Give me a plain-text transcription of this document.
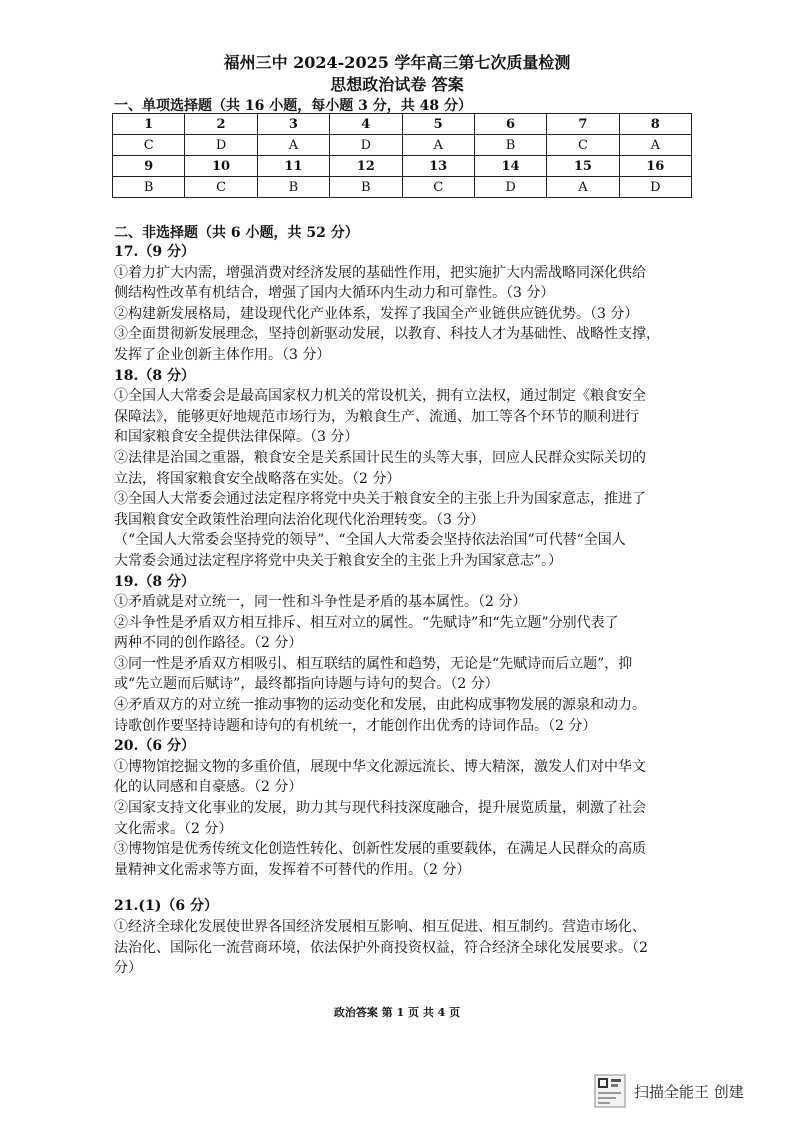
福州三中 2024-2025 学年高三第七次质量检测
思想政治试卷 答案
一、单项选择题（共 16 小题，每小题 3 分，共 48 分）
1	2	3	4	5	6	7	8
C	D	A	D	A	B	C	A
9	10	11	12	13	14	15	16
B	C	B	B	C	D	A	D
二、非选择题（共 6 小题，共 52 分）

17.（9 分）

①着力扩大内需，增强消费对经济发展的基础性作用，把实施扩大内需战略同深化供给

侧结构性改革有机结合，增强了国内大循环内生动力和可靠性。（3 分）

②构建新发展格局，建设现代化产业体系，发挥了我国全产业链供应链优势。（3 分）

③全面贯彻新发展理念，坚持创新驱动发展，以教育、科技人才为基础性、战略性支撑，

发挥了企业创新主体作用。（3 分）

18.（8 分）

①全国人大常委会是最高国家权力机关的常设机关，拥有立法权，通过制定《粮食安全

保障法》，能够更好地规范市场行为，为粮食生产、流通、加工等各个环节的顺利进行

和国家粮食安全提供法律保障。（3 分）

②法律是治国之重器，粮食安全是关系国计民生的头等大事，回应人民群众实际关切的

立法，将国家粮食安全战略落在实处。（2 分）

③全国人大常委会通过法定程序将党中央关于粮食安全的主张上升为国家意志，推进了

我国粮食安全政策性治理向法治化现代化治理转变。（3 分）

（“全国人大常委会坚持党的领导”、“全国人大常委会坚持依法治国”可代替“全国人

大常委会通过法定程序将党中央关于粮食安全的主张上升为国家意志”。）

19.（8 分）

①矛盾就是对立统一，同一性和斗争性是矛盾的基本属性。（2 分）

②斗争性是矛盾双方相互排斥、相互对立的属性。“先赋诗”和“先立题”分别代表了

两种不同的创作路径。（2 分）

③同一性是矛盾双方相吸引、相互联结的属性和趋势，无论是“先赋诗而后立题”，抑

或“先立题而后赋诗”，最终都指向诗题与诗句的契合。（2 分）

④矛盾双方的对立统一推动事物的运动变化和发展，由此构成事物发展的源泉和动力。

诗歌创作要坚持诗题和诗句的有机统一，才能创作出优秀的诗词作品。（2 分）

20.（6 分）

①博物馆挖掘文物的多重价值，展现中华文化源远流长、博大精深，激发人们对中华文

化的认同感和自豪感。（2 分）

②国家支持文化事业的发展，助力其与现代科技深度融合，提升展览质量，刺激了社会

文化需求。（2 分）

③博物馆是优秀传统文化创造性转化、创新性发展的重要载体，在满足人民群众的高质

量精神文化需求等方面，发挥着不可替代的作用。（2 分）

21.(1)（6 分）

①经济全球化发展使世界各国经济发展相互影响、相互促进、相互制约。营造市场化、

法治化、国际化一流营商环境，依法保护外商投资权益，符合经济全球化发展要求。（2

分）

政治答案 第 1 页 共 4 页
扫描全能王 创建
